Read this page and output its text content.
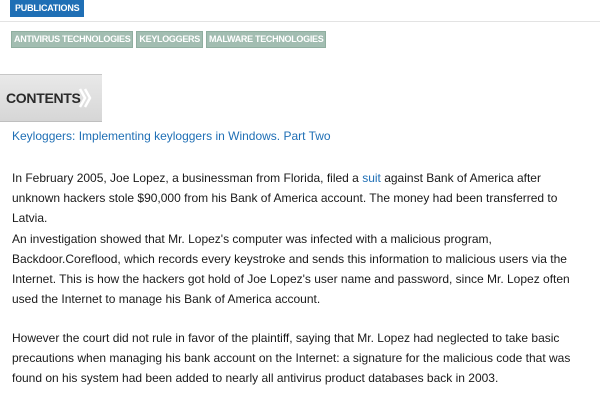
PUBLICATIONS
ANTIVIRUS TECHNOLOGIES	KEYLOGGERS	MALWARE TECHNOLOGIES
CONTENTS
Keyloggers: Implementing keyloggers in Windows. Part Two

In February 2005, Joe Lopez, a businessman from Florida, filed a suit against Bank of America after unknown hackers stole $90,000 from his Bank of America account. The money had been transferred to Latvia.

An investigation showed that Mr. Lopez's computer was infected with a malicious program, Backdoor.Coreflood, which records every keystroke and sends this information to malicious users via the Internet. This is how the hackers got hold of Joe Lopez's user name and password, since Mr. Lopez often used the Internet to manage his Bank of America account.

However the court did not rule in favor of the plaintiff, saying that Mr. Lopez had neglected to take basic precautions when managing his bank account on the Internet: a signature for the malicious code that was found on his system had been added to nearly all antivirus product databases back in 2003.
